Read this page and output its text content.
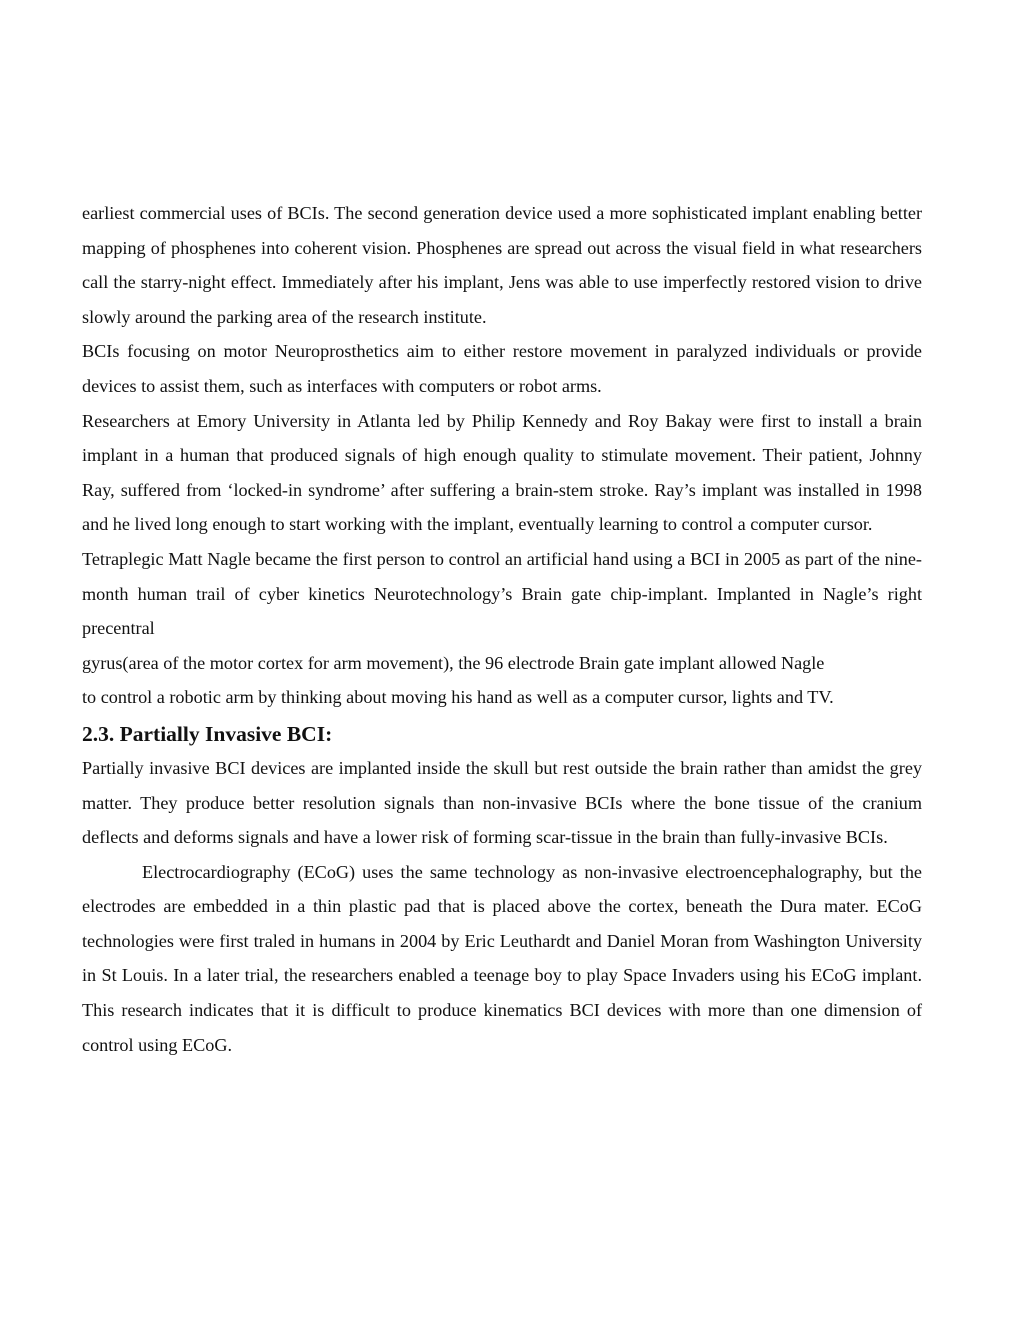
earliest commercial uses of BCIs. The second generation device used a more sophisticated implant enabling better mapping of phosphenes into coherent vision. Phosphenes are spread out across the visual field in what researchers call the starry-night effect. Immediately after his implant, Jens was able to use imperfectly restored vision to drive slowly around the parking area of the research institute.

BCIs focusing on motor Neuroprosthetics aim to either restore movement in paralyzed individuals or provide devices to assist them, such as interfaces with computers or robot arms.

Researchers at Emory University in Atlanta led by Philip Kennedy and Roy Bakay were first to install a brain implant in a human that produced signals of high enough quality to stimulate movement. Their patient, Johnny Ray, suffered from ‘locked-in syndrome’ after suffering a brain-stem stroke. Ray’s implant was installed in 1998 and he lived long enough to start working with the implant, eventually learning to control a computer cursor.

Tetraplegic Matt Nagle became the first person to control an artificial hand using a BCI in 2005 as part of the nine-month human trail of cyber kinetics Neurotechnology’s Brain gate chip-implant. Implanted in Nagle’s right precentral

gyrus(area of the motor cortex for arm movement), the 96 electrode Brain gate implant allowed Nagle

to control a robotic arm by thinking about moving his hand as well as a computer cursor, lights and TV.

2.3. Partially Invasive BCI:

Partially invasive BCI devices are implanted inside the skull but rest outside the brain rather than amidst the grey matter. They produce better resolution signals than non-invasive BCIs where the bone tissue of the cranium deflects and deforms signals and have a lower risk of forming scar-tissue in the brain than fully-invasive BCIs.

Electrocardiography (ECoG) uses the same technology as non-invasive electroencephalography, but the electrodes are embedded in a thin plastic pad that is placed above the cortex, beneath the Dura mater. ECoG technologies were first traled in humans in 2004 by Eric Leuthardt and Daniel Moran from Washington University in St Louis. In a later trial, the researchers enabled a teenage boy to play Space Invaders using his ECoG implant. This research indicates that it is difficult to produce kinematics BCI devices with more than one dimension of control using ECoG.
